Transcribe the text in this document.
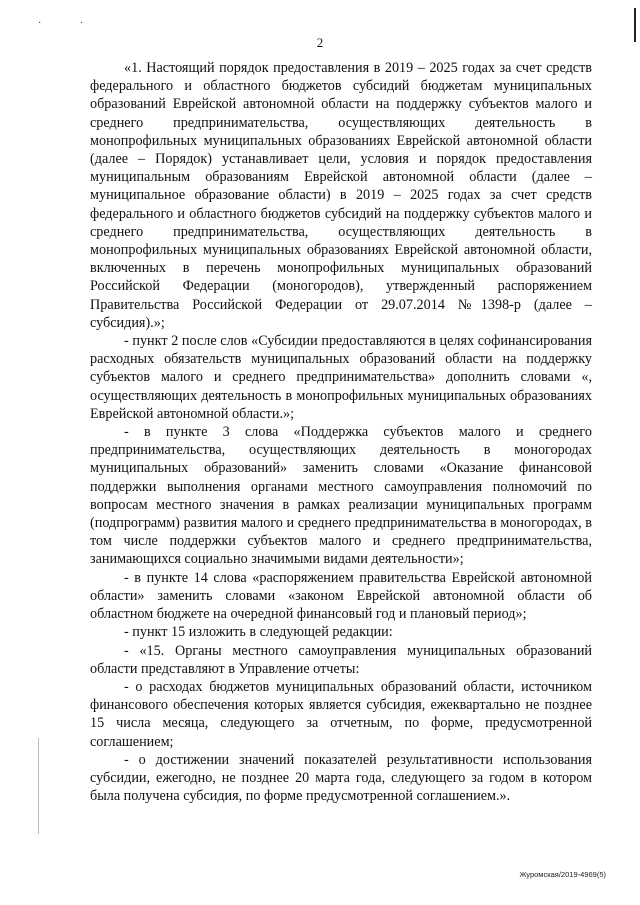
· ·
2

«1. Настоящий порядок предоставления в 2019 – 2025 годах за счет средств федерального и областного бюджетов субсидий бюджетам муниципальных образований Еврейской автономной области на поддержку субъектов малого и среднего предпринимательства, осуществляющих деятельность в монопрофильных муниципальных образованиях Еврейской автономной области (далее – Порядок) устанавливает цели, условия и порядок предоставления муниципальным образованиям Еврейской автономной области (далее – муниципальное образование области) в 2019 – 2025 годах за счет средств федерального и областного бюджетов субсидий на поддержку субъектов малого и среднего предпринимательства, осуществляющих деятельность в монопрофильных муниципальных образованиях Еврейской автономной области, включенных в перечень монопрофильных муниципальных образований Российской Федерации (моногородов), утвержденный распоряжением Правительства Российской Федерации от 29.07.2014 №1398-р (далее – субсидия).»;

- пункт 2 после слов «Субсидии предоставляются в целях софинансирования расходных обязательств муниципальных образований области на поддержку субъектов малого и среднего предпринимательства» дополнить словами «, осуществляющих деятельность в монопрофильных муниципальных образованиях Еврейской автономной области.»;

- в пункте 3 слова «Поддержка субъектов малого и среднего предпринимательства, осуществляющих деятельность в моногородах муниципальных образований» заменить словами «Оказание финансовой поддержки выполнения органами местного самоуправления полномочий по вопросам местного значения в рамках реализации муниципальных программ (подпрограмм) развития малого и среднего предпринимательства в моногородах, в том числе поддержки субъектов малого и среднего предпринимательства, занимающихся социально значимыми видами деятельности»;

- в пункте 14 слова «распоряжением правительства Еврейской автономной области» заменить словами «законом Еврейской автономной области об областном бюджете на очередной финансовый год и плановый период»;

- пункт 15 изложить в следующей редакции:

- «15. Органы местного самоуправления муниципальных образований области представляют в Управление отчеты:

- о расходах бюджетов муниципальных образований области, источником финансового обеспечения которых является субсидия, ежеквартально не позднее 15 числа месяца, следующего за отчетным, по форме, предусмотренной соглашением;

- о достижении значений показателей результативности использования субсидии, ежегодно, не позднее 20 марта года, следующего за годом в котором была получена субсидия, по форме предусмотренной соглашением.».

Журомская/2019-4969(5)
